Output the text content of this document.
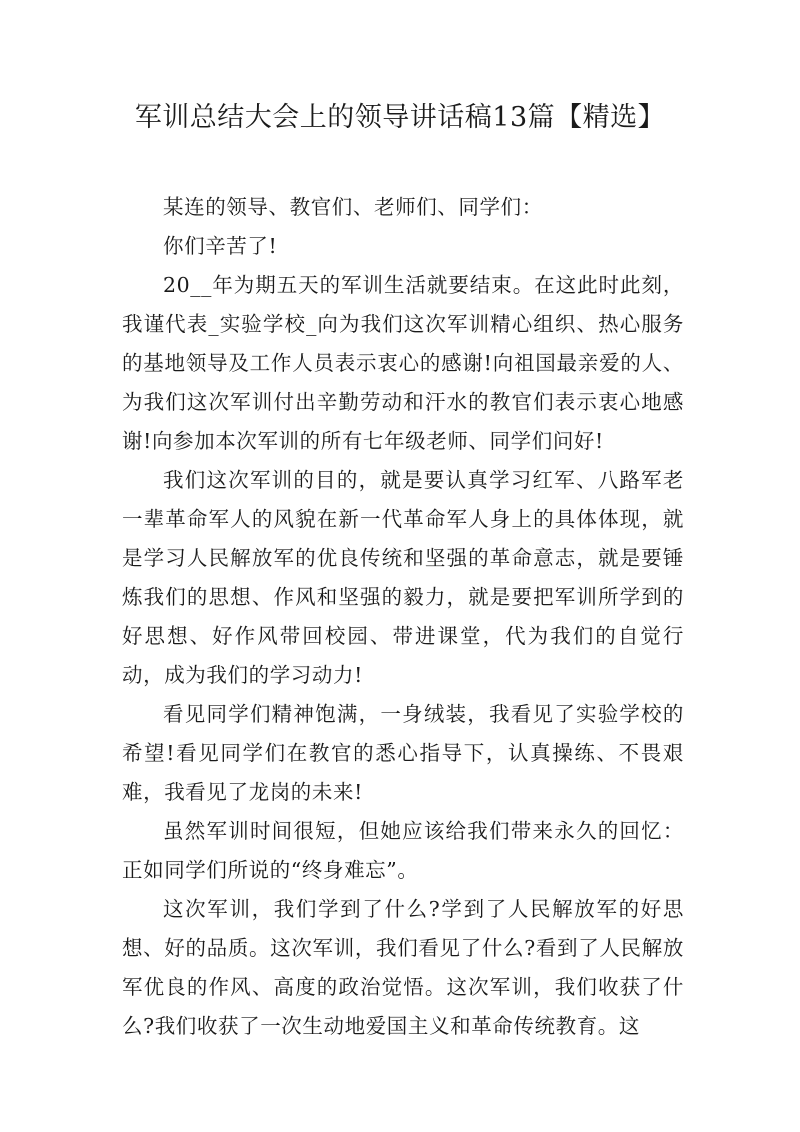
军训总结大会上的领导讲话稿13篇【精选】

某连的领导、教官们、老师们、同学们：

你们辛苦了!

20__年为期五天的军训生活就要结束。在这此时此刻，我谨代表_实验学校_向为我们这次军训精心组织、热心服务的基地领导及工作人员表示衷心的感谢!向祖国最亲爱的人、为我们这次军训付出辛勤劳动和汗水的教官们表示衷心地感谢!向参加本次军训的所有七年级老师、同学们问好!

我们这次军训的目的，就是要认真学习红军、八路军老一辈革命军人的风貌在新一代革命军人身上的具体体现，就是学习人民解放军的优良传统和坚强的革命意志，就是要锤炼我们的思想、作风和坚强的毅力，就是要把军训所学到的好思想、好作风带回校园、带进课堂，代为我们的自觉行动，成为我们的学习动力!

看见同学们精神饱满，一身绒装，我看见了实验学校的希望!看见同学们在教官的悉心指导下，认真操练、不畏艰难，我看见了龙岗的未来!

虽然军训时间很短，但她应该给我们带来永久的回忆：正如同学们所说的“终身难忘”。

这次军训，我们学到了什么?学到了人民解放军的好思想、好的品质。这次军训，我们看见了什么?看到了人民解放军优良的作风、高度的政治觉悟。这次军训，我们收获了什么?我们收获了一次生动地爱国主义和革命传统教育。这
